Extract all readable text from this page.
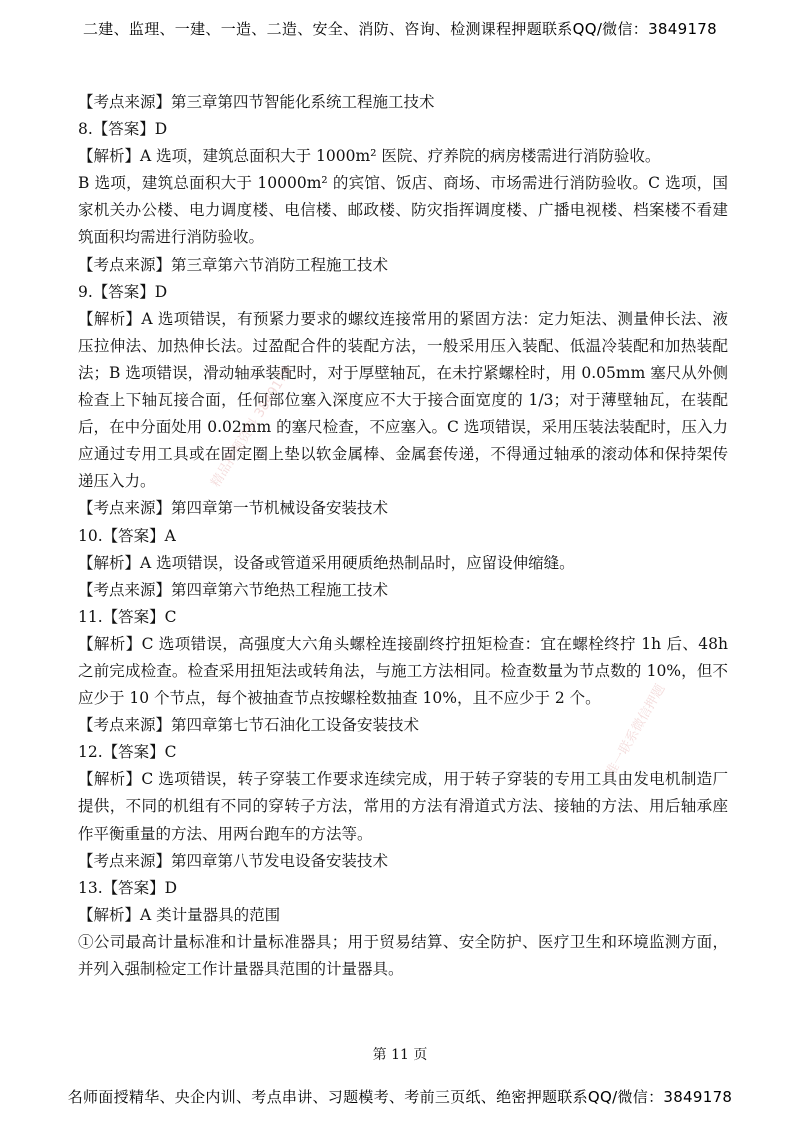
二建、监理、一建、一造、二造、安全、消防、咨询、检测课程押题联系QQ/微信：3849178

【考点来源】第三章第四节智能化系统工程施工技术

8.【答案】D

【解析】A 选项，建筑总面积大于 1000m² 医院、疗养院的病房楼需进行消防验收。

B 选项，建筑总面积大于 10000m² 的宾馆、饭店、商场、市场需进行消防验收。C 选项，国家机关办公楼、电力调度楼、电信楼、邮政楼、防灾指挥调度楼、广播电视楼、档案楼不看建筑面积均需进行消防验收。

【考点来源】第三章第六节消防工程施工技术

9.【答案】D

【解析】A 选项错误，有预紧力要求的螺纹连接常用的紧固方法：定力矩法、测量伸长法、液压拉伸法、加热伸长法。过盈配合件的装配方法，一般采用压入装配、低温冷装配和加热装配法；B 选项错误，滑动轴承装配时，对于厚壁轴瓦，在未拧紧螺栓时，用 0.05mm 塞尺从外侧检查上下轴瓦接合面，任何部位塞入深度应不大于接合面宽度的 1/3；对于薄壁轴瓦，在装配后，在中分面处用 0.02mm 的塞尺检查，不应塞入。C 选项错误，采用压装法装配时，压入力应通过专用工具或在固定圈上垫以软金属棒、金属套传递，不得通过轴承的滚动体和保持架传递压入力。

【考点来源】第四章第一节机械设备安装技术

10.【答案】A

【解析】A 选项错误，设备或管道采用硬质绝热制品时，应留设伸缩缝。

【考点来源】第四章第六节绝热工程施工技术

11.【答案】C

【解析】C 选项错误，高强度大六角头螺栓连接副终拧扭矩检查：宜在螺栓终拧 1h 后、48h 之前完成检查。检查采用扭矩法或转角法，与施工方法相同。检查数量为节点数的 10%，但不应少于 10 个节点，每个被抽查节点按螺栓数抽查 10%，且不应少于 2 个。

【考点来源】第四章第七节石油化工设备安装技术

12.【答案】C

【解析】C 选项错误，转子穿装工作要求连续完成，用于转子穿装的专用工具由发电机制造厂提供，不同的机组有不同的穿转子方法，常用的方法有滑道式方法、接轴的方法、用后轴承座作平衡重量的方法、用两台跑车的方法等。

【考点来源】第四章第八节发电设备安装技术

13.【答案】D

【解析】A 类计量器具的范围

①公司最高计量标准和计量标准器具；用于贸易结算、安全防护、医疗卫生和环境监测方面，并列入强制检定工作计量器具范围的计量器具。

精品押题资料 3849178
唯一联系微信押题
第 11 页
名师面授精华、央企内训、考点串讲、习题模考、考前三页纸、绝密押题联系QQ/微信：3849178
